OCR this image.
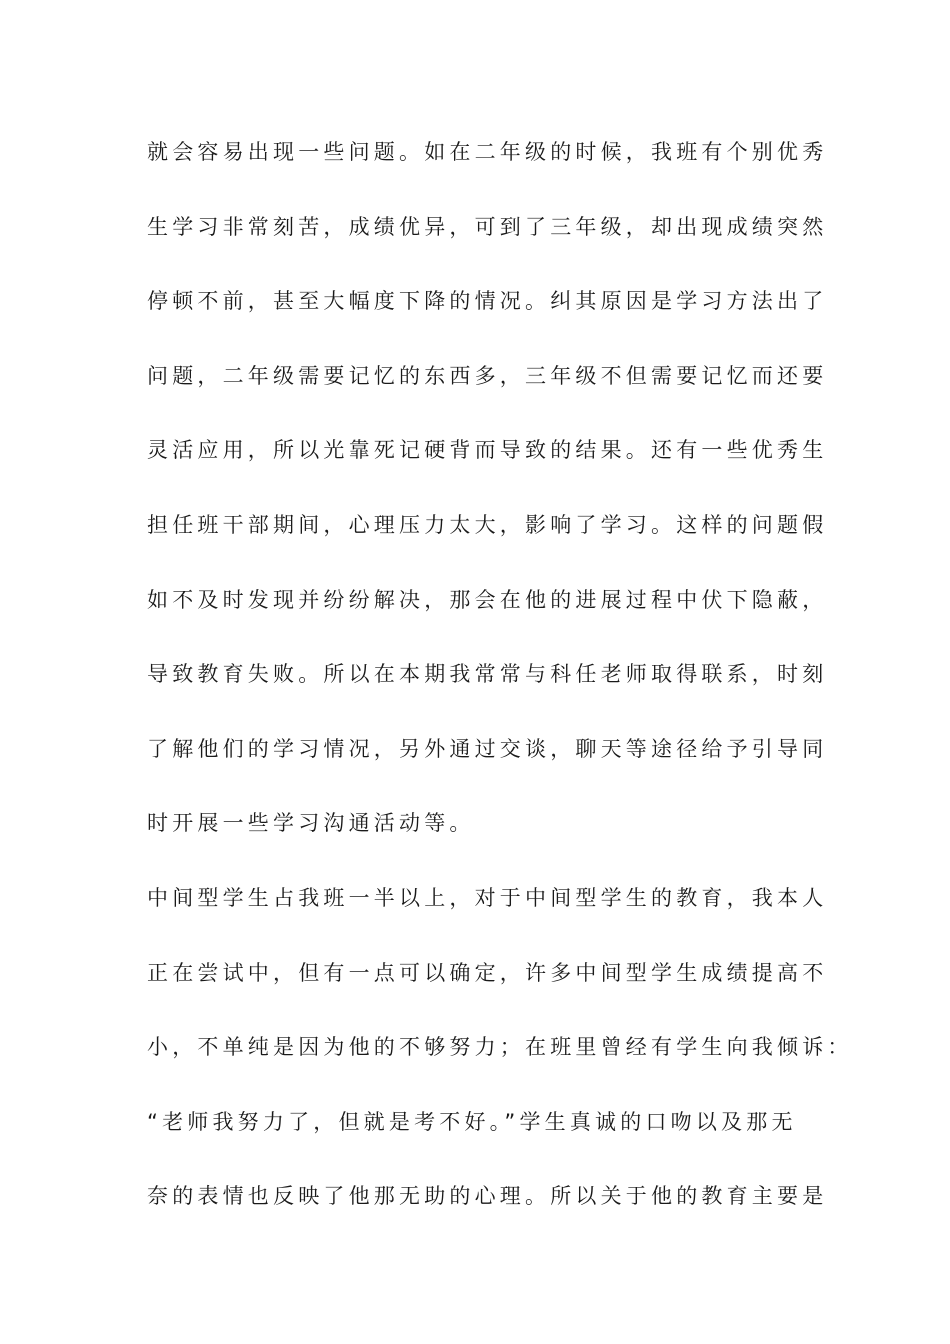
就会容易出现一些问题。如在二年级的时候，我班有个别优秀
生学习非常刻苦，成绩优异，可到了三年级，却出现成绩突然
停顿不前，甚至大幅度下降的情况。纠其原因是学习方法出了
问题，二年级需要记忆的东西多，三年级不但需要记忆而还要
灵活应用，所以光靠死记硬背而导致的结果。还有一些优秀生
担任班干部期间，心理压力太大，影响了学习。这样的问题假
如不及时发现并纷纷解决，那会在他的进展过程中伏下隐蔽，
导致教育失败。所以在本期我常常与科任老师取得联系，时刻
了解他们的学习情况，另外通过交谈，聊天等途径给予引导同
时开展一些学习沟通活动等。
中间型学生占我班一半以上，对于中间型学生的教育，我本人
正在尝试中，但有一点可以确定，许多中间型学生成绩提高不
小，不单纯是因为他的不够努力；在班里曾经有学生向我倾诉：
“老师我努力了，但就是考不好。”学生真诚的口吻以及那无
奈的表情也反映了他那无助的心理。所以关于他的教育主要是
